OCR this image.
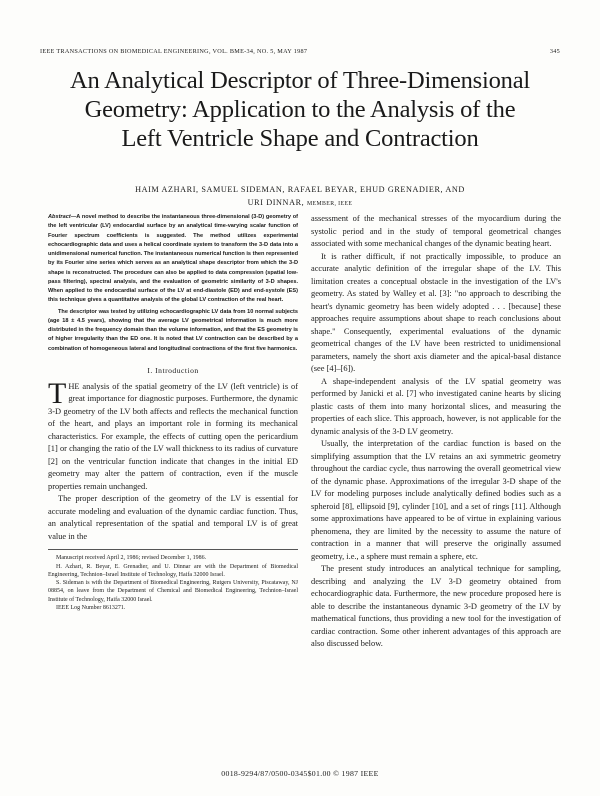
IEEE TRANSACTIONS ON BIOMEDICAL ENGINEERING, VOL. BME-34, NO. 5, MAY 1987	345
An Analytical Descriptor of Three-Dimensional
Geometry: Application to the Analysis of the
Left Ventricle Shape and Contraction
HAIM AZHARI, SAMUEL SIDEMAN, RAFAEL BEYAR, EHUD GRENADIER, AND
URI DINNAR, MEMBER, IEEE

Abstract—A novel method to describe the instantaneous three-dimensional (3-D) geometry of the left ventricular (LV) endocardial surface by an analytical time-varying scalar function of Fourier spectrum coefficients is suggested. The method utilizes experimental echocardiographic data and uses a helical coordinate system to transform the 3-D data into a unidimensional numerical function. The instantaneous numerical function is then represented by its Fourier sine series which serves as an analytical shape descriptor from which the 3-D shape is reconstructed. The procedure can also be applied to data compression (spatial low-pass filtering), spectral analysis, and the evaluation of geometric similarity of 3-D shapes. When applied to the endocardial surface of the LV at end-diastole (ED) and end-systole (ES) this technique gives a quantitative analysis of the global LV contraction of the real heart.

The descriptor was tested by utilizing echocardiographic LV data from 10 normal subjects (age 18 ± 4.5 years), showing that the average LV geometrical information is much more distributed in the frequency domain than the volume information, and that the ES geometry is of higher irregularity than the ED one. It is noted that LV contraction can be described by a combination of homogeneous lateral and longitudinal contractions of the first five harmonics.

I. Introduction

THE analysis of the spatial geometry of the LV (left ventricle) is of great importance for diagnostic purposes. Furthermore, the dynamic 3-D geometry of the LV both affects and reflects the mechanical function of the heart, and plays an important role in forming its mechanical characteristics. For example, the effects of cutting open the pericardium [1] or changing the ratio of the LV wall thickness to its radius of curvature [2] on the ventricular function indicate that changes in the initial ED geometry may alter the pattern of contraction, even if the muscle properties remain unchanged.

The proper description of the geometry of the LV is essential for accurate modeling and evaluation of the dynamic cardiac function. Thus, an analytical representation of the spatial and temporal LV is of great value in the

Manuscript received April 2, 1986; revised December 1, 1986.

H. Azhari, R. Beyar, E. Grenadier, and U. Dinnar are with the Department of Biomedical Engineering, Technion–Israel Institute of Technology, Haifa 32000 Israel.

S. Sideman is with the Department of Biomedical Engineering, Rutgers University, Piscataway, NJ 08854, on leave from the Department of Chemical and Biomedical Engineering, Technion–Israel Institute of Technology, Haifa 32000 Israel.

IEEE Log Number 8613271.

assessment of the mechanical stresses of the myocardium during the systolic period and in the study of temporal geometrical changes associated with some mechanical changes of the dynamic beating heart.

It is rather difficult, if not practically impossible, to produce an accurate analytic definition of the irregular shape of the LV. This limitation creates a conceptual obstacle in the investigation of the LV's geometry. As stated by Walley et al. [3]: "no approach to describing the heart's dynamic geometry has been widely adopted . . . [because] these approaches require assumptions about shape to reach conclusions about shape." Consequently, experimental evaluations of the dynamic geometrical changes of the LV have been restricted to unidimensional parameters, namely the short axis diameter and the apical-basal distance (see [4]–[6]).

A shape-independent analysis of the LV spatial geometry was performed by Janicki et al. [7] who investigated canine hearts by slicing plastic casts of them into many horizontal slices, and measuring the properties of each slice. This approach, however, is not applicable for the dynamic analysis of the 3-D LV geometry.

Usually, the interpretation of the cardiac function is based on the simplifying assumption that the LV retains an axi symmetric geometry throughout the cardiac cycle, thus narrowing the overall geometrical view of the dynamic phase. Approximations of the irregular 3-D shape of the LV for modeling purposes include analytically defined bodies such as a spheroid [8], ellipsoid [9], cylinder [10], and a set of rings [11]. Although some approximations have appeared to be of virtue in explaining various phenomena, they are limited by the necessity to assume the nature of contraction in a manner that will preserve the originally assumed geometry, i.e., a sphere must remain a sphere, etc.

The present study introduces an analytical technique for sampling, describing and analyzing the LV 3-D geometry obtained from echocardiographic data. Furthermore, the new procedure proposed here is able to describe the instantaneous dynamic 3-D geometry of the LV by mathematical functions, thus providing a new tool for the investigation of cardiac contraction. Some other inherent advantages of this approach are also discussed below.

0018-9294/87/0500-0345$01.00 © 1987 IEEE
